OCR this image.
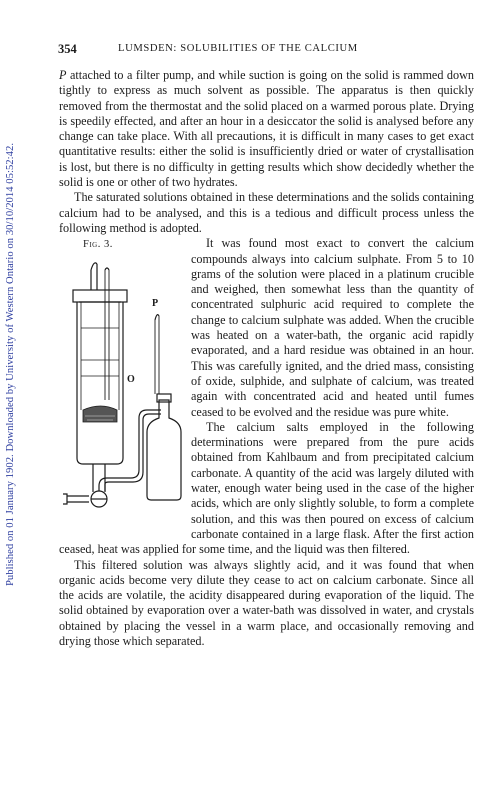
Published on 01 January 1902. Downloaded by University of Western Ontario on 30/10/2014 05:52:42.
354	LUMSDEN: SOLUBILITIES OF THE CALCIUM

P attached to a filter pump, and while suction is going on the solid is rammed down tightly to express as much solvent as possible. The apparatus is then quickly removed from the thermostat and the solid placed on a warmed porous plate. Drying is speedily effected, and after an hour in a desiccator the solid is analysed before any change can take place. With all precautions, it is difficult in many cases to get exact quantitative results: either the solid is insufficiently dried or water of crystallisation is lost, but there is no difficulty in getting results which show decidedly whether the solid is one or other of two hydrates.

The saturated solutions obtained in these determinations and the solids containing calcium had to be analysed, and this is a tedious and difficult process unless the following method is adopted.

Fig. 3.
O
P

It was found most exact to convert the calcium compounds always into calcium sulphate. From 5 to 10 grams of the solution were placed in a platinum crucible and weighed, then somewhat less than the quantity of concentrated sulphuric acid required to complete the change to calcium sulphate was added. When the crucible was heated on a water-bath, the organic acid rapidly evaporated, and a hard residue was obtained in an hour. This was carefully ignited, and the dried mass, consisting of oxide, sulphide, and sulphate of calcium, was treated again with concentrated acid and heated until fumes ceased to be evolved and the residue was pure white.

The calcium salts employed in the following determinations were prepared from the pure acids obtained from Kahlbaum and from precipitated calcium carbonate. A quantity of the acid was largely diluted with water, enough water being used in the case of the higher acids, which are only slightly soluble, to form a complete solution, and this was then poured on excess of calcium carbonate contained in a large flask. After the first action ceased, heat was applied for some time, and the liquid was then filtered.

This filtered solution was always slightly acid, and it was found that when organic acids become very dilute they cease to act on calcium carbonate. Since all the acids are volatile, the acidity disappeared during evaporation of the liquid. The solid obtained by evaporation over a water-bath was dissolved in water, and crystals obtained by placing the vessel in a warm place, and occasionally removing and drying those which separated.
